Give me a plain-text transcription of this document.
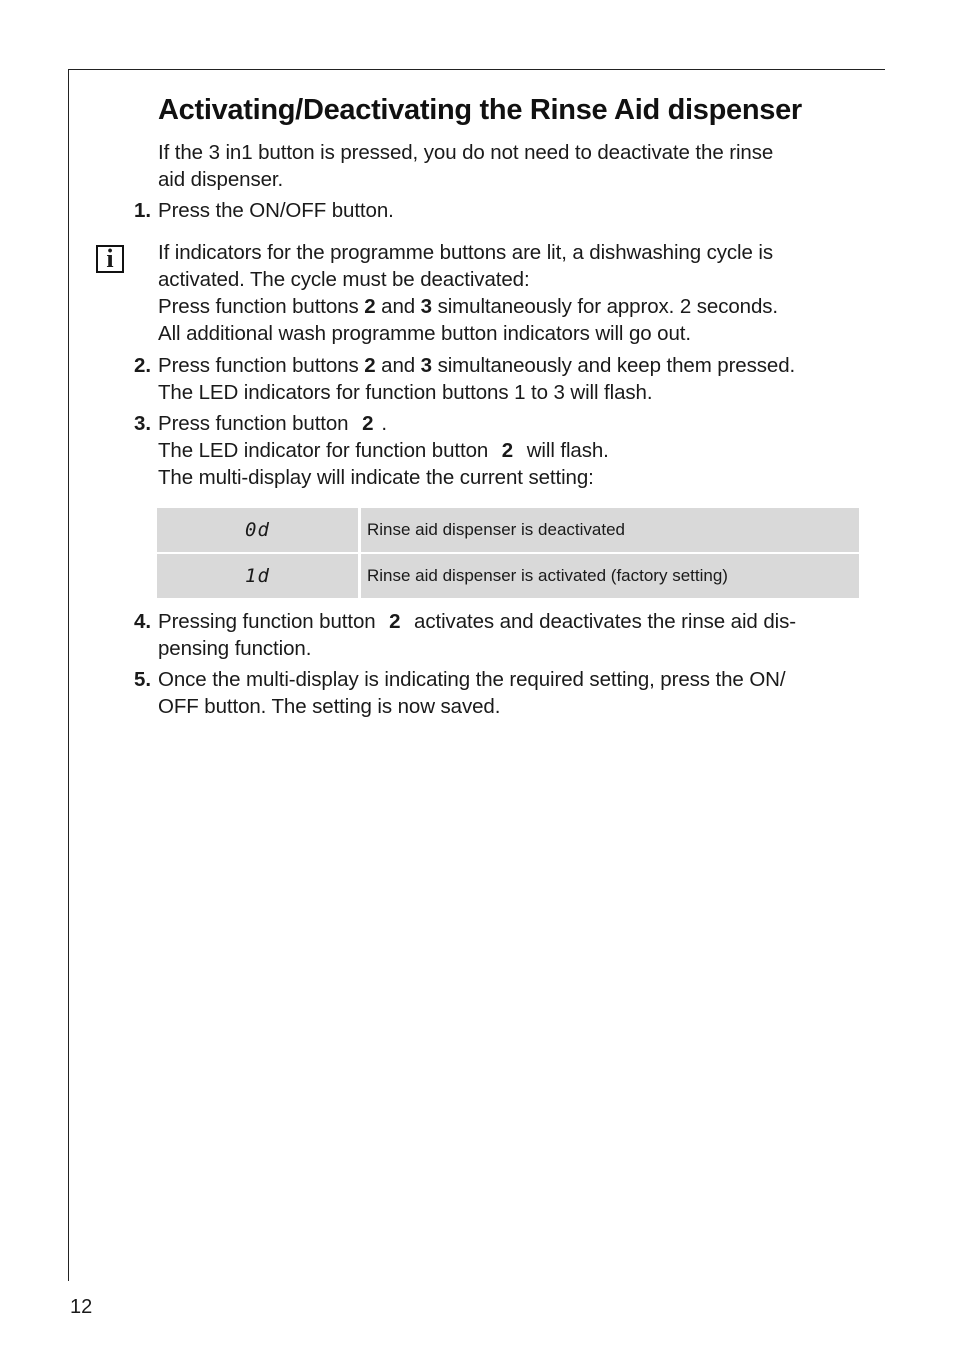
Activating/Deactivating the Rinse Aid dispenser

If the 3 in1 button is pressed, you do not need to deactivate the rinse
aid dispenser.

1. Press the ON/OFF button.

i	If indicators for the programme buttons are lit, a dishwashing cycle is
activated. The cycle must be deactivated:
Press function buttons 2 and 3 simultaneously for approx. 2 seconds.
All additional wash programme button indicators will go out.

2. Press function buttons 2 and 3 simultaneously and keep them pressed.
The LED indicators for function buttons 1 to 3 will flash.

3. Press function button 2 .
The LED indicator for function button 2 will flash.
The multi-display will indicate the current setting:

0d	Rinse aid dispenser is deactivated
1d	Rinse aid dispenser is activated (factory setting)
4. Pressing function button 2 activates and deactivates the rinse aid dis-
pensing function.

5. Once the multi-display is indicating the required setting, press the ON/
OFF button. The setting is now saved.

12
